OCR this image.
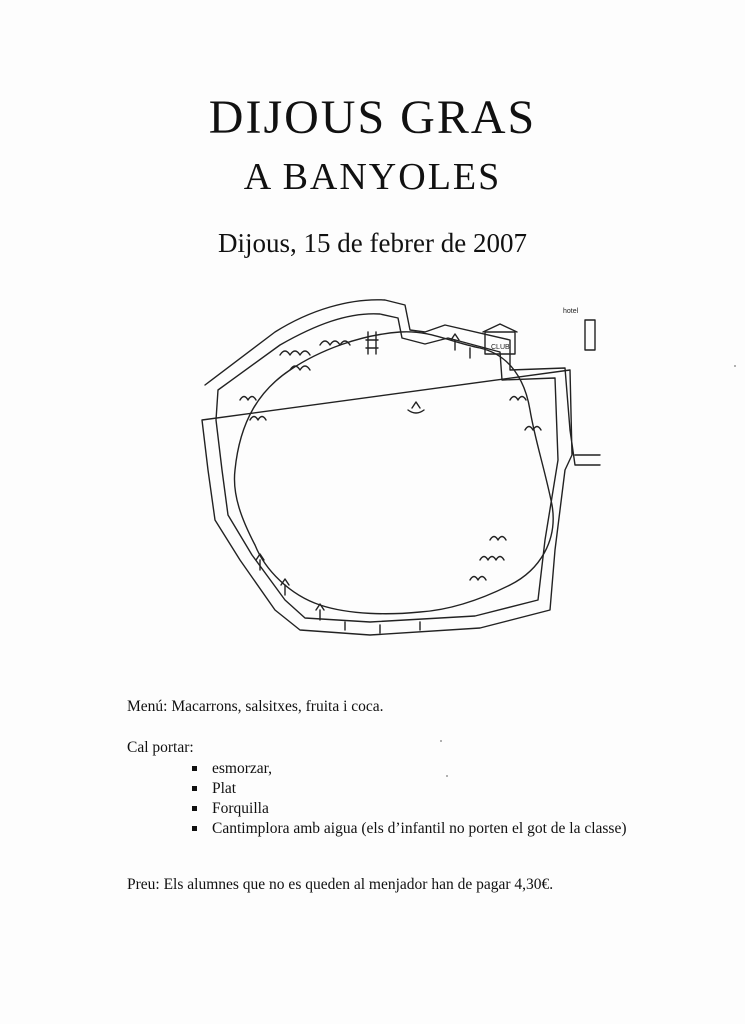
DIJOUS GRAS
A BANYOLES
Dijous, 15 de febrer de 2007
CLUB
hotel
Menú: Macarrons, salsitxes, fruita i coca.
Cal portar:
esmorzar,
Plat
Forquilla
Cantimplora amb aigua (els d’infantil no porten el got de la classe)
Preu: Els alumnes que no es queden al menjador han de pagar 4,30€.
